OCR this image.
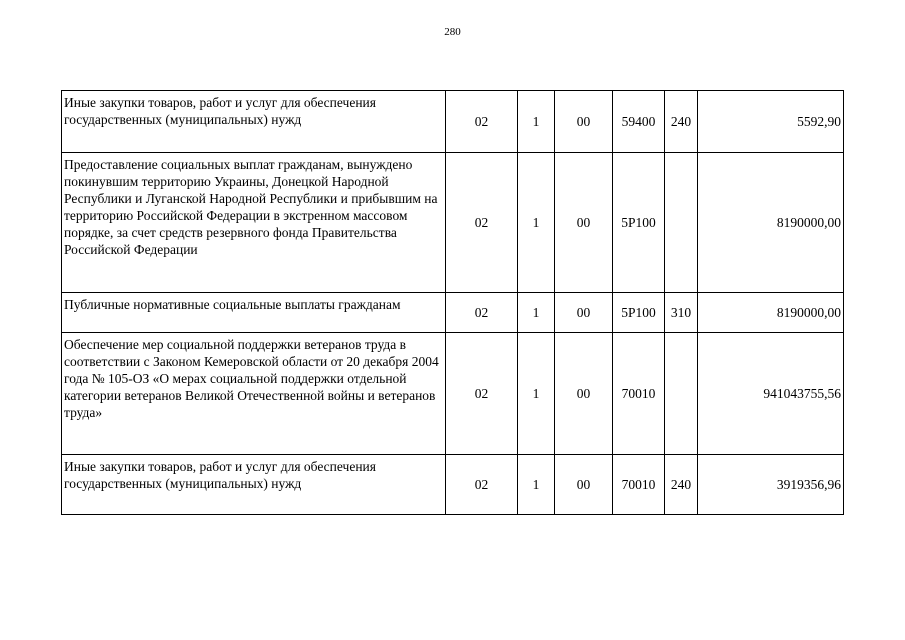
280
Иные закупки товаров, работ и услуг для обеспечения государственных (муниципальных) нужд	02	1	00	59400	240	5592,90
Предоставление социальных выплат гражданам, вынуждено покинувшим территорию Украины, Донецкой Народной Республики и Луганской Народной Республики и прибывшим на территорию Российской Федерации в экстренном массовом порядке, за счет средств резервного фонда Правительства Российской Федерации	02	1	00	5Р100		8190000,00
Публичные нормативные социальные выплаты гражданам	02	1	00	5Р100	310	8190000,00
Обеспечение мер социальной поддержки ветеранов труда в соответствии с Законом Кемеровской области от 20 декабря 2004 года № 105-ОЗ «О мерах социальной поддержки отдельной категории ветеранов Великой Отечественной войны и ветеранов труда»	02	1	00	70010		941043755,56
Иные закупки товаров, работ и услуг для обеспечения государственных (муниципальных) нужд	02	1	00	70010	240	3919356,96
